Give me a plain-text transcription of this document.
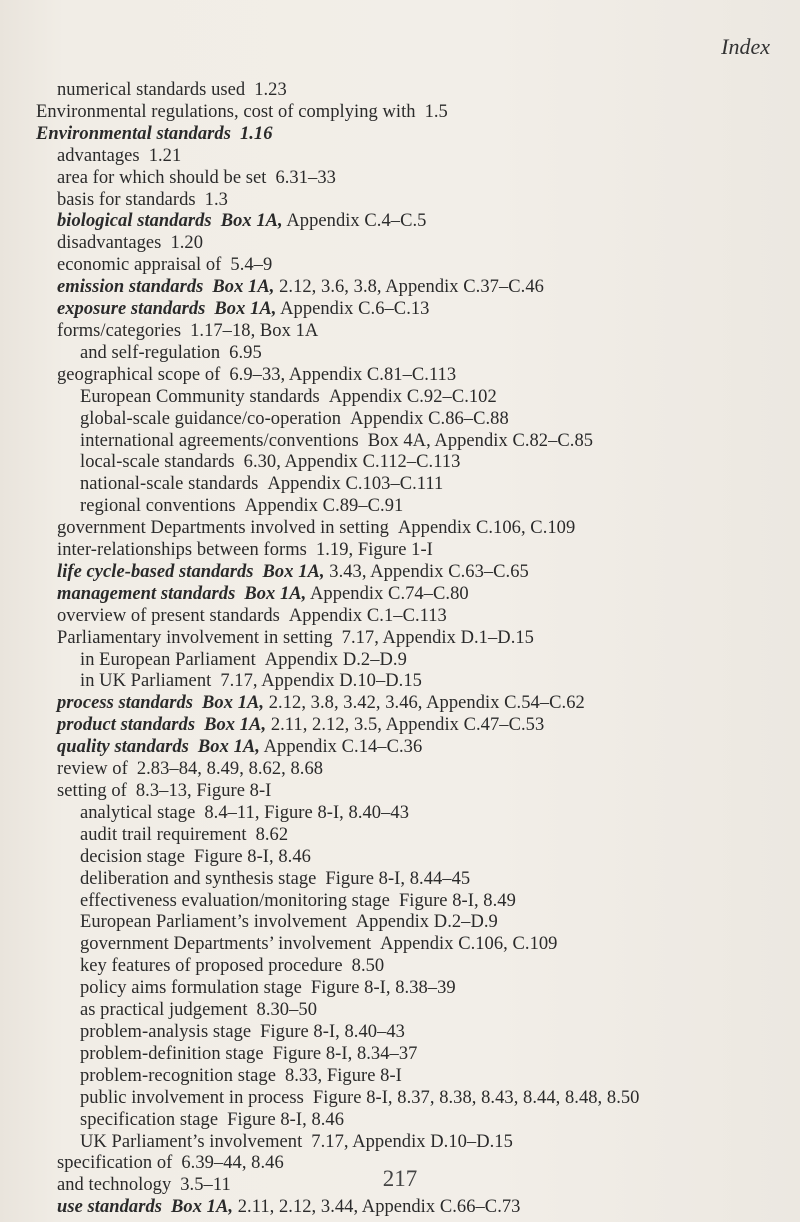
Index
numerical standards used 1.23
Environmental regulations, cost of complying with 1.5
Environmental standards 1.16
advantages 1.21
area for which should be set 6.31–33
basis for standards 1.3
biological standards Box 1A, Appendix C.4–C.5
disadvantages 1.20
economic appraisal of 5.4–9
emission standards Box 1A, 2.12, 3.6, 3.8, Appendix C.37–C.46
exposure standards Box 1A, Appendix C.6–C.13
forms/categories 1.17–18, Box 1A
and self-regulation 6.95
geographical scope of 6.9–33, Appendix C.81–C.113
European Community standards Appendix C.92–C.102
global-scale guidance/co-operation Appendix C.86–C.88
international agreements/conventions Box 4A, Appendix C.82–C.85
local-scale standards 6.30, Appendix C.112–C.113
national-scale standards Appendix C.103–C.111
regional conventions Appendix C.89–C.91
government Departments involved in setting Appendix C.106, C.109
inter-relationships between forms 1.19, Figure 1-I
life cycle-based standards Box 1A, 3.43, Appendix C.63–C.65
management standards Box 1A, Appendix C.74–C.80
overview of present standards Appendix C.1–C.113
Parliamentary involvement in setting 7.17, Appendix D.1–D.15
in European Parliament Appendix D.2–D.9
in UK Parliament 7.17, Appendix D.10–D.15
process standards Box 1A, 2.12, 3.8, 3.42, 3.46, Appendix C.54–C.62
product standards Box 1A, 2.11, 2.12, 3.5, Appendix C.47–C.53
quality standards Box 1A, Appendix C.14–C.36
review of 2.83–84, 8.49, 8.62, 8.68
setting of 8.3–13, Figure 8-I
analytical stage 8.4–11, Figure 8-I, 8.40–43
audit trail requirement 8.62
decision stage Figure 8-I, 8.46
deliberation and synthesis stage Figure 8-I, 8.44–45
effectiveness evaluation/monitoring stage Figure 8-I, 8.49
European Parliament’s involvement Appendix D.2–D.9
government Departments’ involvement Appendix C.106, C.109
key features of proposed procedure 8.50
policy aims formulation stage Figure 8-I, 8.38–39
as practical judgement 8.30–50
problem-analysis stage Figure 8-I, 8.40–43
problem-definition stage Figure 8-I, 8.34–37
problem-recognition stage 8.33, Figure 8-I
public involvement in process Figure 8-I, 8.37, 8.38, 8.43, 8.44, 8.48, 8.50
specification stage Figure 8-I, 8.46
UK Parliament’s involvement 7.17, Appendix D.10–D.15
specification of 6.39–44, 8.46
and technology 3.5–11
use standards Box 1A, 2.11, 2.12, 3.44, Appendix C.66–C.73
217
